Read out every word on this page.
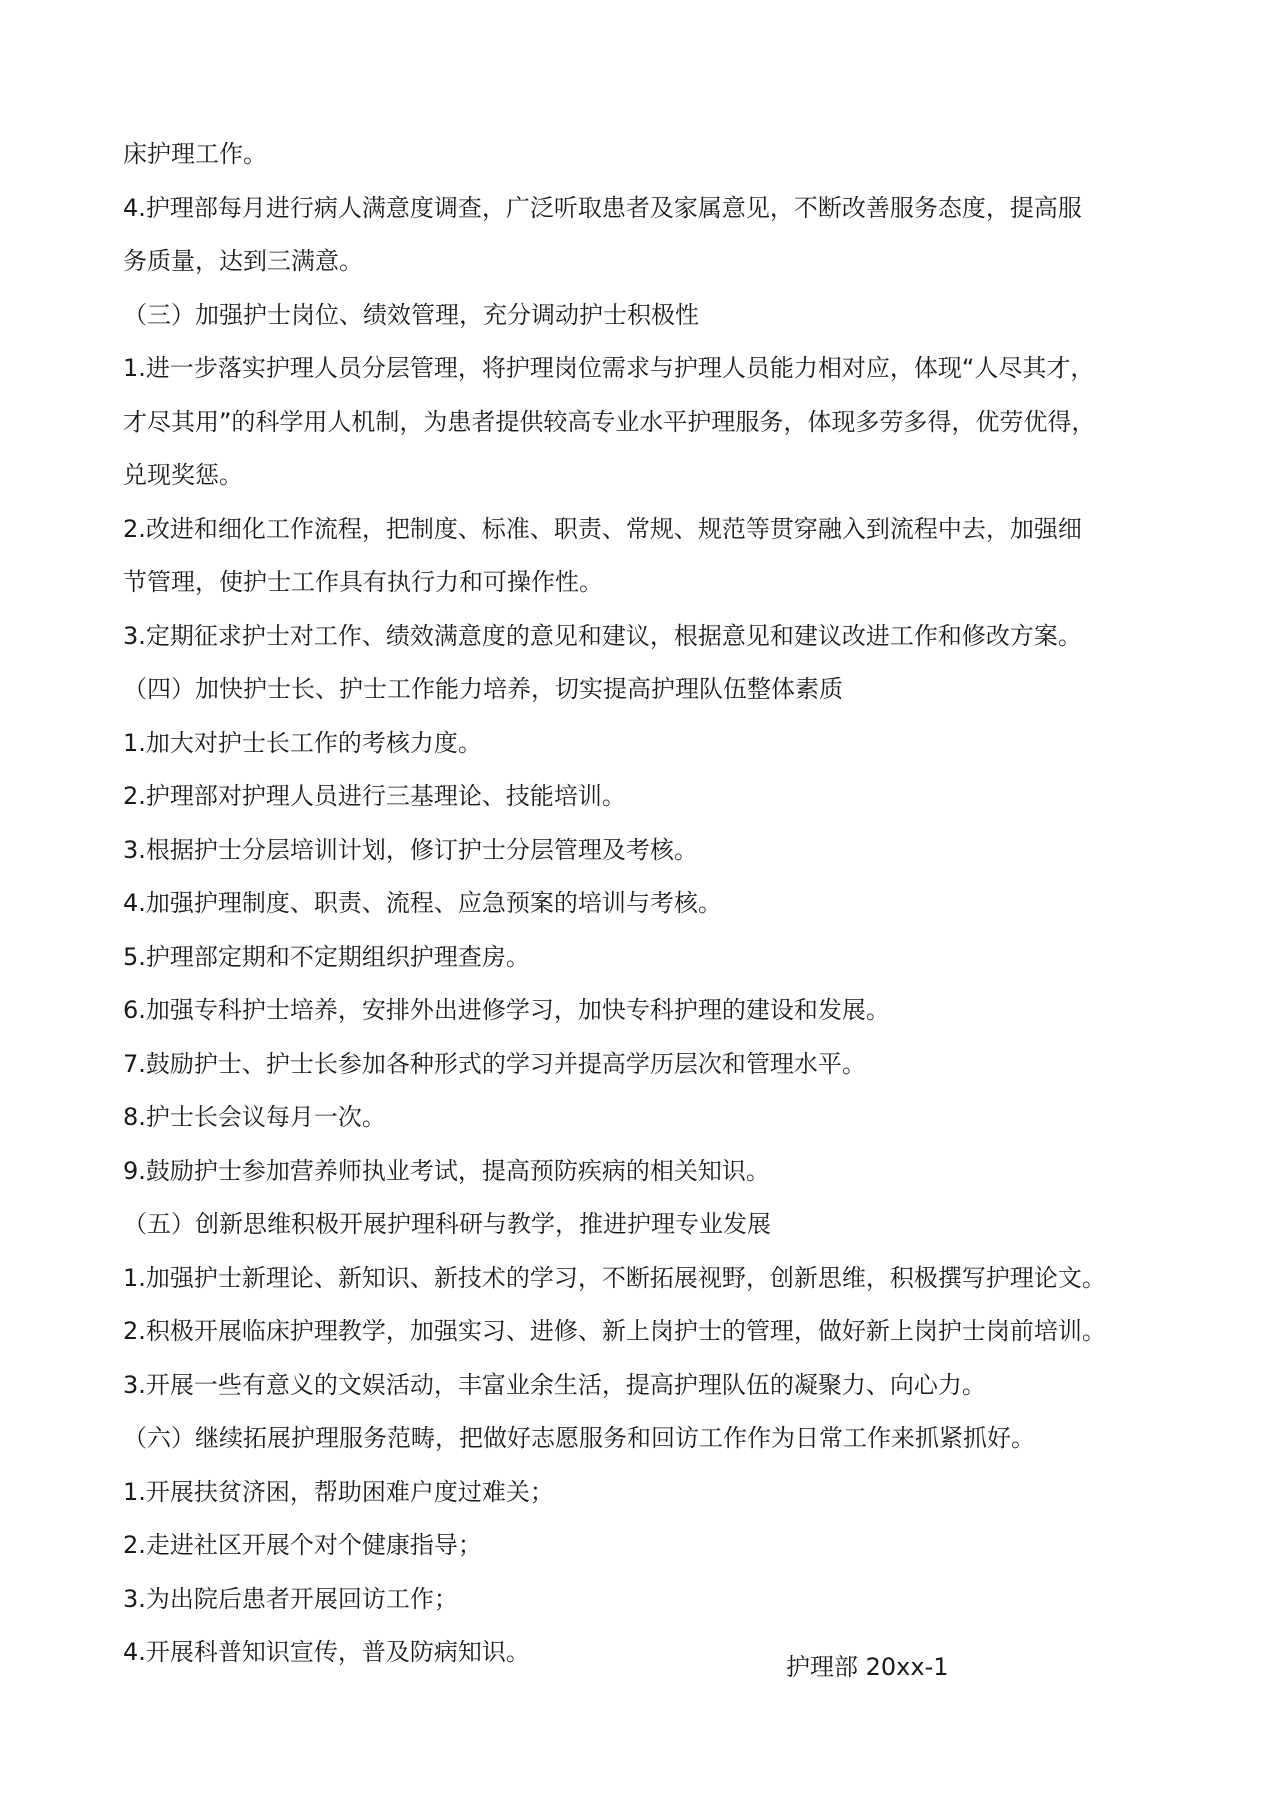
床护理工作。
4.护理部每月进行病人满意度调查，广泛听取患者及家属意见，不断改善服务态度，提高服
务质量，达到三满意。
（三）加强护士岗位、绩效管理，充分调动护士积极性
1.进一步落实护理人员分层管理，将护理岗位需求与护理人员能力相对应，体现“人尽其才，
才尽其用”的科学用人机制，为患者提供较高专业水平护理服务，体现多劳多得，优劳优得，
兑现奖惩。
2.改进和细化工作流程，把制度、标准、职责、常规、规范等贯穿融入到流程中去，加强细
节管理，使护士工作具有执行力和可操作性。
3.定期征求护士对工作、绩效满意度的意见和建议，根据意见和建议改进工作和修改方案。
（四）加快护士长、护士工作能力培养，切实提高护理队伍整体素质
1.加大对护士长工作的考核力度。
2.护理部对护理人员进行三基理论、技能培训。
3.根据护士分层培训计划，修订护士分层管理及考核。
4.加强护理制度、职责、流程、应急预案的培训与考核。
5.护理部定期和不定期组织护理查房。
6.加强专科护士培养，安排外出进修学习，加快专科护理的建设和发展。
7.鼓励护士、护士长参加各种形式的学习并提高学历层次和管理水平。
8.护士长会议每月一次。
9.鼓励护士参加营养师执业考试，提高预防疾病的相关知识。
（五）创新思维积极开展护理科研与教学，推进护理专业发展
1.加强护士新理论、新知识、新技术的学习，不断拓展视野，创新思维，积极撰写护理论文。
2.积极开展临床护理教学，加强实习、进修、新上岗护士的管理，做好新上岗护士岗前培训。
3.开展一些有意义的文娱活动，丰富业余生活，提高护理队伍的凝聚力、向心力。
（六）继续拓展护理服务范畴，把做好志愿服务和回访工作作为日常工作来抓紧抓好。
1.开展扶贫济困，帮助困难户度过难关；
2.走进社区开展个对个健康指导；
3.为出院后患者开展回访工作；
4.开展科普知识宣传，普及防病知识。
护理部 20xx-1
